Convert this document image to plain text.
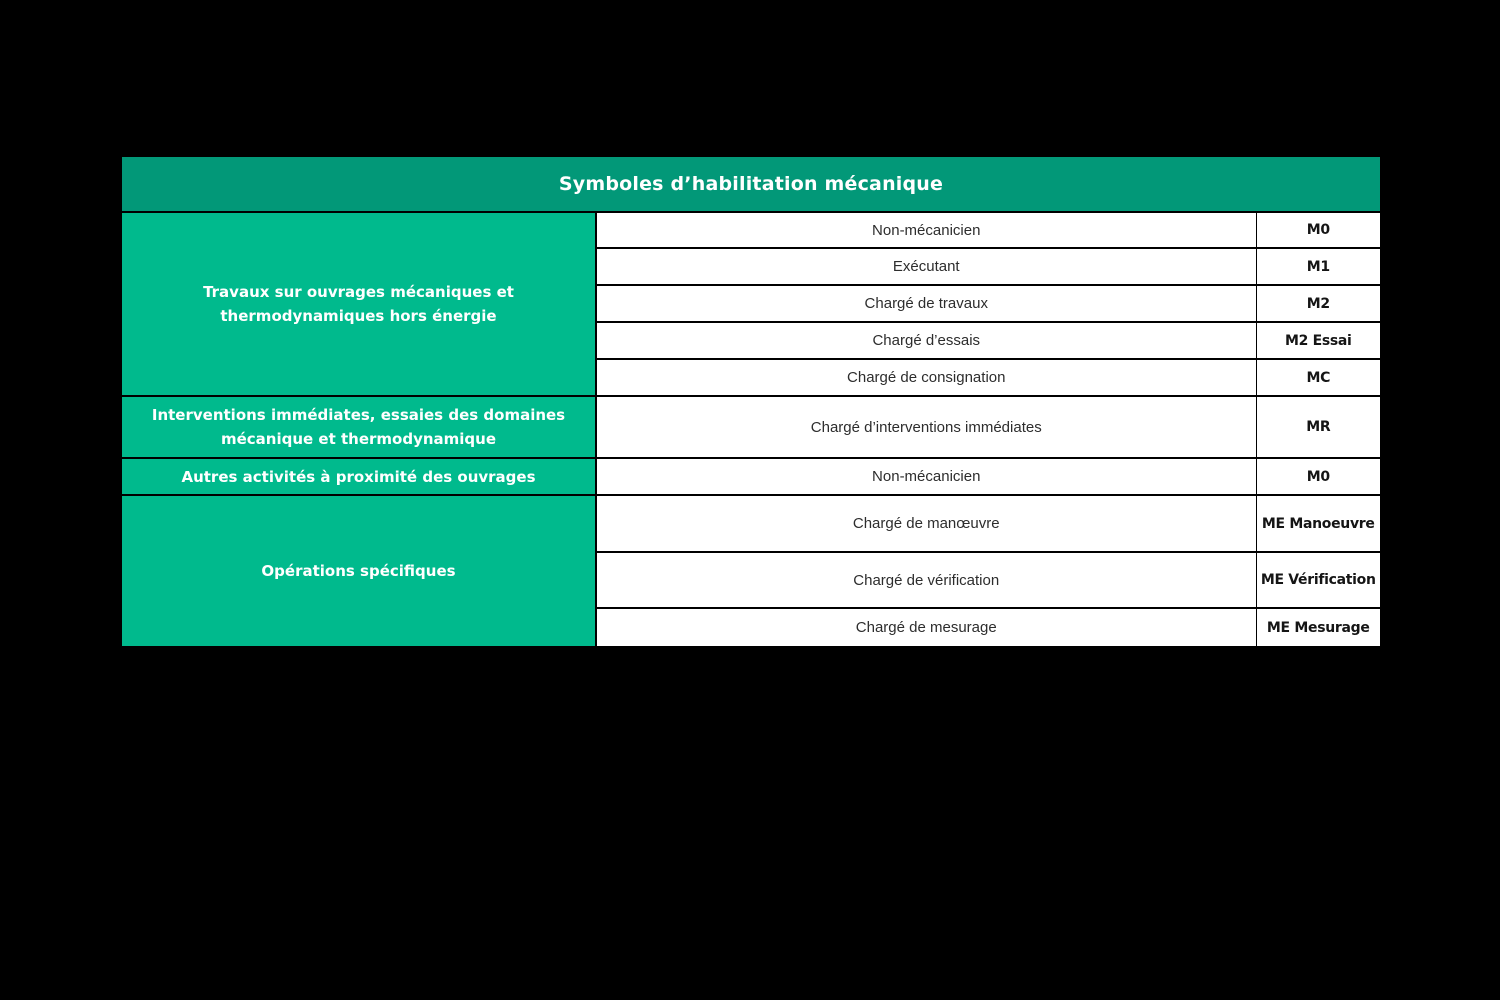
Symboles d’habilitation mécanique		
Travaux sur ouvrages mécaniques et thermodynamiques hors énergie	Non-mécanicien	M0
	Exécutant	M1
	Chargé de travaux	M2
	Chargé d’essais	M2 Essai
	Chargé de consignation	MC
Interventions immédiates, essaies des domaines mécanique et thermodynamique	Chargé d’interventions immédiates	MR
Autres activités à proximité des ouvrages	Non-mécanicien	M0
Opérations spécifiques	Chargé de manœuvre	ME Manoeuvre
	Chargé de vérification	ME Vérification
	Chargé de mesurage	ME Mesurage
